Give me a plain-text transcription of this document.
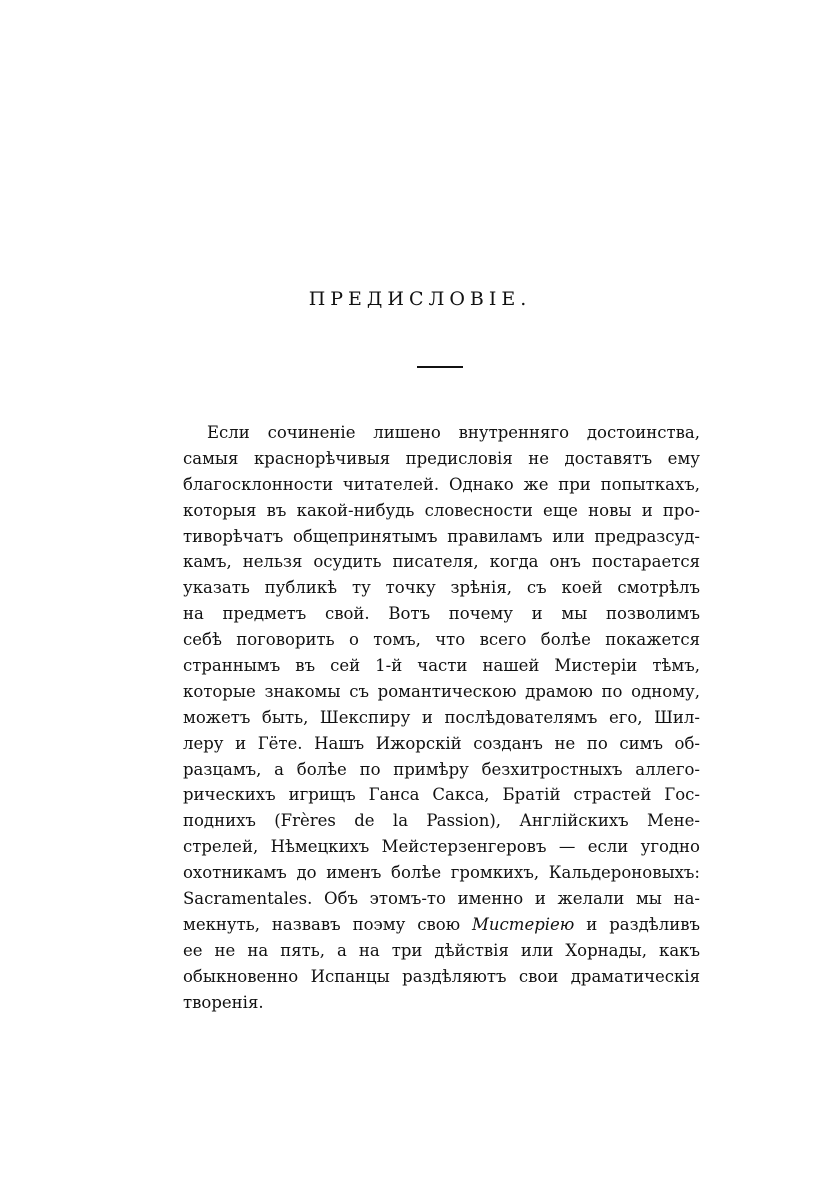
ПРЕДИСЛОВІЕ.
Если сочиненіе лишено внутренняго достоинства,
самыя краснорѣчивыя предисловія не доставятъ ему
благосклонности читателей. Однако же при попыткахъ,
которыя въ какой-нибудь словесности еще новы и про-
тиворѣчатъ общепринятымъ правиламъ или предразсуд-
камъ, нельзя осудить писателя, когда онъ постарается
указать публикѣ ту точку зрѣнія, съ коей смотрѣлъ
на предметъ свой. Вотъ почему и мы позволимъ
себѣ поговорить о томъ, что всего болѣе покажется
страннымъ въ сей 1-й части нашей Мистеріи тѣмъ,
которые знакомы съ романтическою драмою по одному,
можетъ быть, Шекспиру и послѣдователямъ его, Шил-
леру и Гёте. Нашъ Ижорскій созданъ не по симъ об-
разцамъ, а болѣе по примѣру безхитростныхъ аллего-
рическихъ игрищъ Ганса Сакса, Братій страстей Гос-
поднихъ (Frères de la Passion), Англійскихъ Мене-
стрелей, Нѣмецкихъ Мейстерзенгеровъ — если угодно
охотникамъ до именъ болѣе громкихъ, Кальдероновыхъ:
Sacramentales. Объ этомъ-то именно и желали мы на-
мекнуть, назвавъ поэму свою Мистеріею и раздѣливъ
ее не на пять, а на три дѣйствія или Хорнады, какъ
обыкновенно Испанцы раздѣляютъ свои драматическія
творенія.
